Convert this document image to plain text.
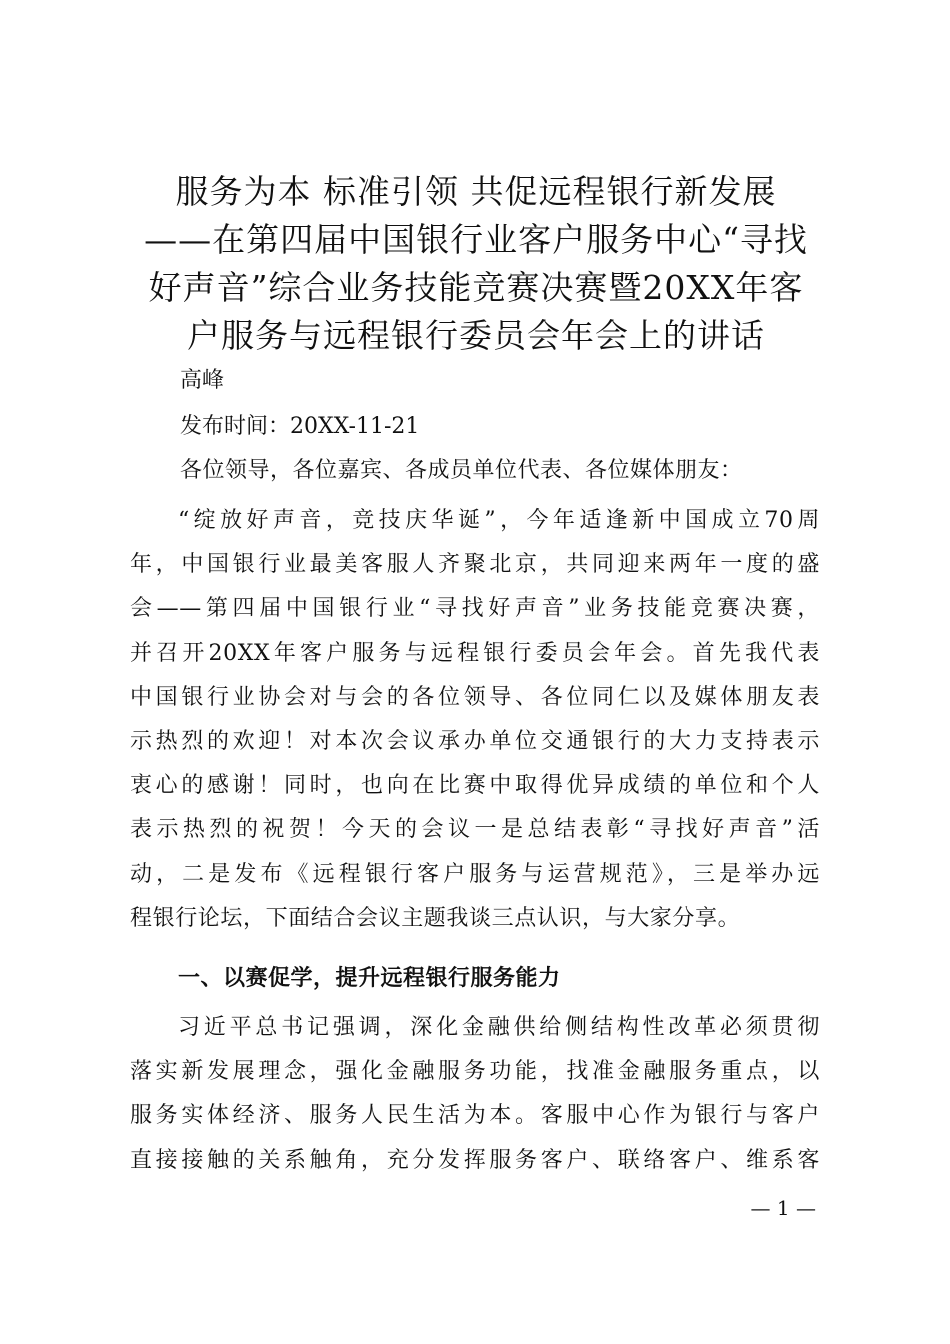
服务为本 标准引领 共促远程银行新发展
——在第四届中国银行业客户服务中心“寻找
好声音”综合业务技能竞赛决赛暨20XX年客
户服务与远程银行委员会年会上的讲话
高峰
发布时间：20XX-11-21
各位领导，各位嘉宾、各成员单位代表、各位媒体朋友：
“绽放好声音，竞技庆华诞”，今年适逢新中国成立70周
年，中国银行业最美客服人齐聚北京，共同迎来两年一度的盛
会——第四届中国银行业“寻找好声音”业务技能竞赛决赛，
并召开20XX年客户服务与远程银行委员会年会。首先我代表
中国银行业协会对与会的各位领导、各位同仁以及媒体朋友表
示热烈的欢迎！对本次会议承办单位交通银行的大力支持表示
衷心的感谢！同时，也向在比赛中取得优异成绩的单位和个人
表示热烈的祝贺！今天的会议一是总结表彰“寻找好声音”活
动，二是发布《远程银行客户服务与运营规范》，三是举办远
程银行论坛，下面结合会议主题我谈三点认识，与大家分享。
一、以赛促学，提升远程银行服务能力
习近平总书记强调，深化金融供给侧结构性改革必须贯彻
落实新发展理念，强化金融服务功能，找准金融服务重点，以
服务实体经济、服务人民生活为本。客服中心作为银行与客户
直接接触的关系触角，充分发挥服务客户、联络客户、维系客
— 1 —
